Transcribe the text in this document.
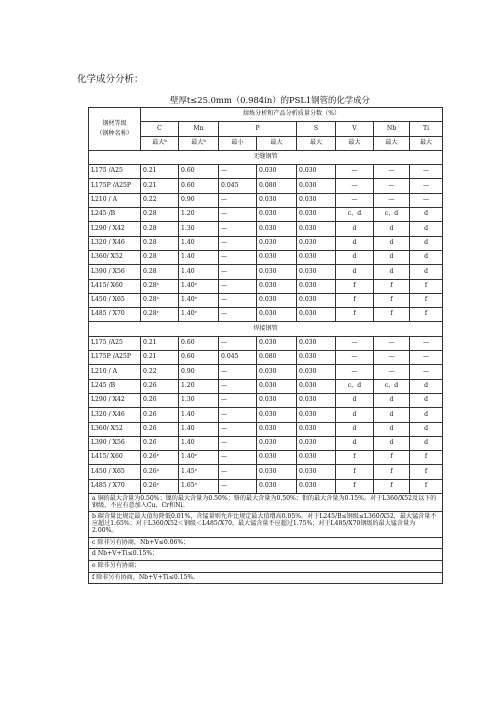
化学成分分析：
壁厚t≤25.0mm（0.984in）的PSL1钢管的化学成分
钢材等级
（钢种名称）	熔炼分析和产品分析质量分数（%）							
	C	Mn	P		S	V	Nb	Ti
	最大ᵇ	最大ᵇ	最小	最大	最大	最大	最大	最大
无缝钢管								
L175 /A25	0.21	0.60	—	0.030	0.030	—	—	—
L175P /A25P	0.21	0.60	0.045	0.080	0.030	—	—	—
L210 / A	0.22	0.90	—	0.030	0.030	—	—	—
L245 /B	0.28	1.20	—	0.030	0.030	c、d	c、d	d
L290 / X42	0.28	1.30	—	0.030	0.030	d	d	d
L320 / X46	0.28	1.40	—	0.030	0.030	d	d	d
L360/ X52	0.28	1.40	—	0.030	0.030	d	d	d
L390 / X56	0.28	1.40	—	0.030	0.030	d	d	d
L415/ X60	0.28ᵉ	1.40ᵉ	—	0.030	0.030	f	f	f
L450 / X65	0.28ᵉ	1.40ᵉ	—	0.030	0.030	f	f	f
L485 / X70	0.28ᵉ	1.40ᵉ	—	0.030	0.030	f	f	f
焊接钢管								
L175 /A25	0.21	0.60	—	0.030	0.030	—	—	—
L175P /A25P	0.21	0.60	0.045	0.080	0.030	—	—	—
L210 / A	0.22	0.90	—	0.030	0.030	—	—	—
L245 /B	0.26	1.20	—	0.030	0.030	c、d	c、d	d
L290 / X42	0.26	1.30	—	0.030	0.030	d	d	d
L320 / X46	0.26	1.40	—	0.030	0.030	d	d	d
L360/ X52	0.26	1.40	—	0.030	0.030	d	d	d
L390 / X56	0.26	1.40	—	0.030	0.030	d	d	d
L415/ X60	0.26ᵉ	1.40ᵉ	—	0.030	0.030	f	f	f
L450 / X65	0.26ᵉ	1.45ᵉ	—	0.030	0.030	f	f	f
L485 / X70	0.26ᵉ	1.65ᵉ	—	0.030	0.030	f	f	f
a 铜的最大含量为0.50%；镍的最大含量为0.50%；铬的最大含量为0.50%；钼的最大含量为0.15%。对于L360/X52及以下的钢级，不应有意加入Cu、Cr和Ni。								
b 碳含量比规定最大值每降低0.01%，含锰量则允许比规定最大值增高0.05%。对于L245/B≤钢级≤L360/X52，最大锰含量不应超过1.65%；对于L360/X52＜钢级＜L485/X70，最大锰含量不应超过1.75%；对于L485/X70钢级的最大锰含量为2.00%。								
c 除非另有协商，Nb+V≤0.06%；								
d Nb+V+Ti≤0.15%；								
e 除非另有协商；								
f 除非另有协商，Nb+V+Ti≤0.15%。								
